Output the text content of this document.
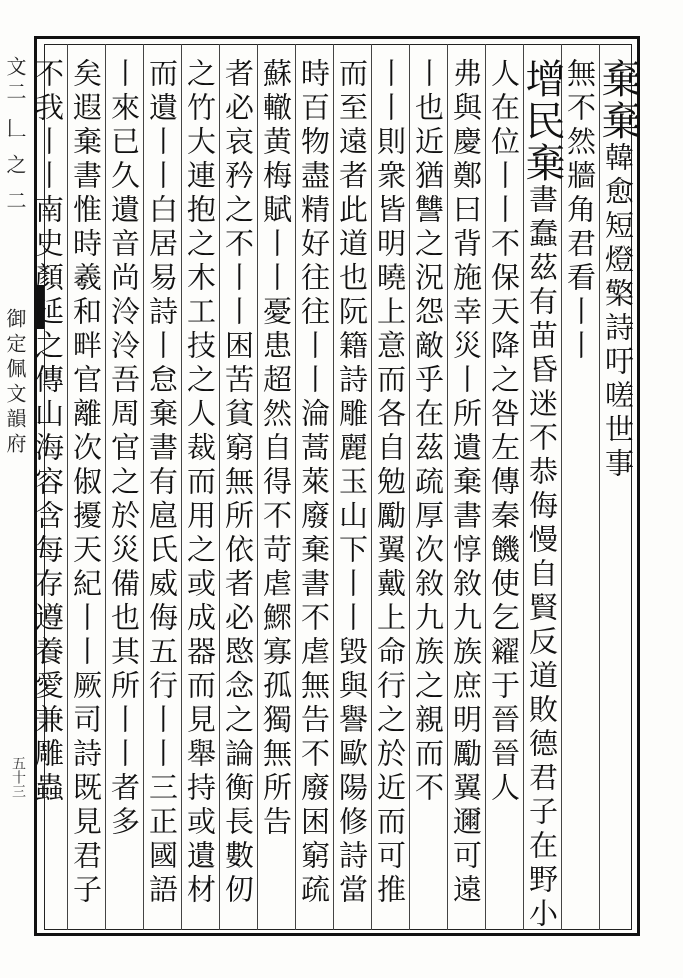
文二 𠃊 之 二
御定佩文韻府
五十三
棄棄韓愈短燈檠詩吁嗟世事
無不然牆角君看丨丨
增民棄書蠢茲有苗昏迷不恭侮慢自賢反道敗德君子在野小
人在位丨丨不保天降之咎左傳秦饑使乞糴于晉晉人
弗與慶鄭曰背施幸災丨所遺棄書惇敘九族庶明勵翼邇可遠
丨也近猶讐之況怨敵乎在茲疏厚次敘九族之親而不
丨丨則衆皆明曉上意而各自勉勵翼戴上命行之於近而可推
而至遠者此道也阮籍詩雕麗玉山下丨丨毀與譽歐陽修詩當
時百物盡精好往往丨丨淪蒿萊廢棄書不虐無告不廢困窮疏
蘇轍黄梅賦丨丨憂患超然自得不苛虐鰥寡孤獨無所告
者必哀矜之不丨丨困苦貧窮無所依者必愍念之論衡長數仞
之竹大連抱之木工技之人裁而用之或成器而見舉持或遺材
而遺丨丨白居易詩丨怠棄書有扈氏威侮五行丨丨三正國語
丨來已久遺音尚泠泠吾周官之於災備也其所丨丨者多
矣遐棄書惟時羲和畔官離次俶擾天紀丨丨厥司詩既見君子
不我丨丨南史顏延之傳山海容含每存遵養愛兼雕蟲
